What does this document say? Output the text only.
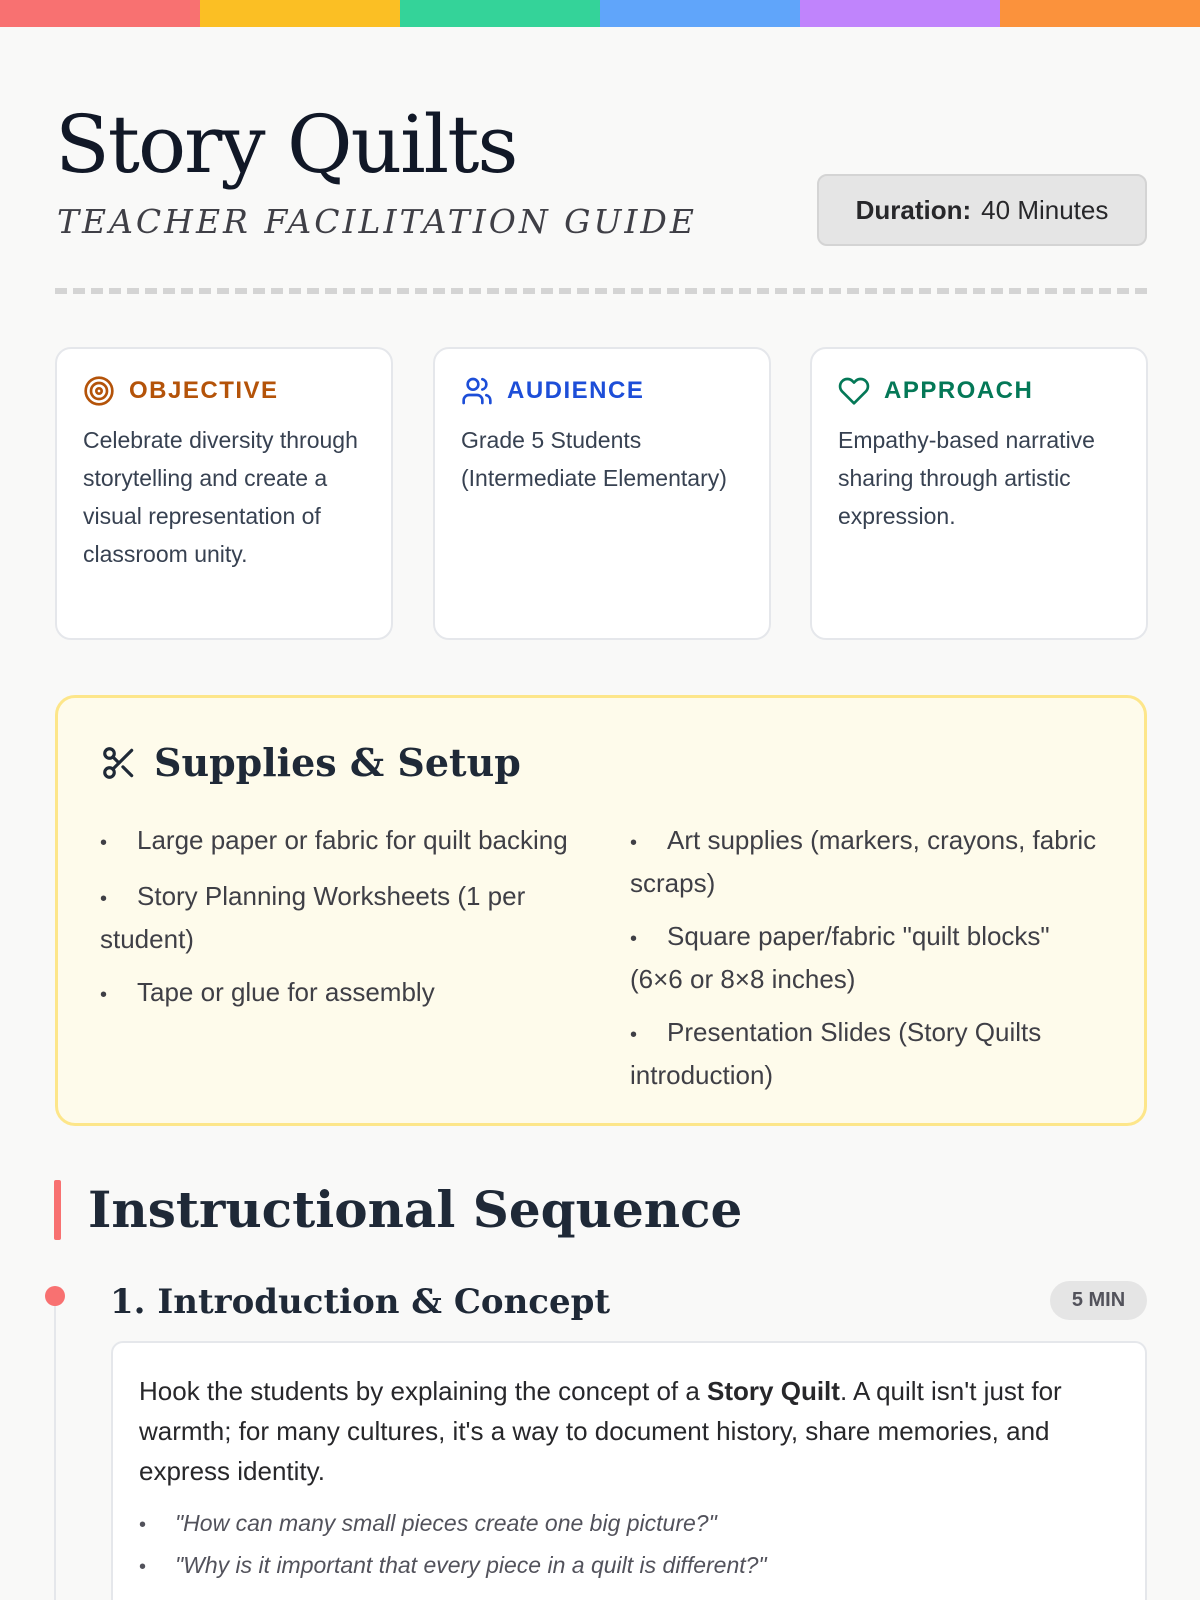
Story Quilts
TEACHER FACILITATION GUIDE	Duration: 40 Minutes
OBJECTIVE
Celebrate diversity through storytelling and create a visual representation of classroom unity.
AUDIENCE
Grade 5 Students (Intermediate Elementary)
APPROACH
Empathy-based narrative sharing through artistic expression.
Supplies & Setup
• Large paper or fabric for quilt backing
• Story Planning Worksheets (1 per student)
• Tape or glue for assembly
• Art supplies (markers, crayons, fabric scraps)
• Square paper/fabric "quilt blocks" (6×6 or 8×8 inches)
• Presentation Slides (Story Quilts introduction)
Instructional Sequence
1. Introduction & Concept	5 MIN

Hook the students by explaining the concept of a Story Quilt. A quilt isn't just for warmth; for many cultures, it's a way to document history, share memories, and express identity.

• "How can many small pieces create one big picture?"
• "Why is it important that every piece in a quilt is different?"
